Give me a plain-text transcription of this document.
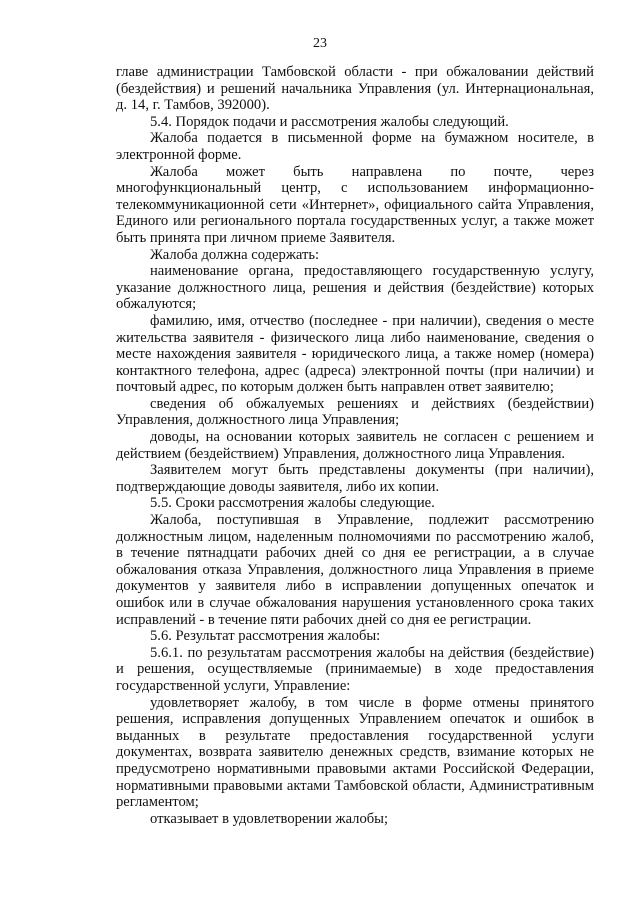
23

главе администрации Тамбовской области - при обжаловании действий (бездействия) и решений начальника Управления (ул. Интернациональная, д. 14, г. Тамбов, 392000).

5.4. Порядок подачи и рассмотрения жалобы следующий.

Жалоба подается в письменной форме на бумажном носителе, в электронной форме.

Жалоба может быть направлена по почте, через многофункциональный центр, с использованием информационно-телекоммуникационной сети «Интернет», официального сайта Управления, Единого или регионального портала государственных услуг, а также может быть принята при личном приеме Заявителя.

Жалоба должна содержать:

наименование органа, предоставляющего государственную услугу, указание должностного лица, решения и действия (бездействие) которых обжалуются;

фамилию, имя, отчество (последнее - при наличии), сведения о месте жительства заявителя - физического лица либо наименование, сведения о месте нахождения заявителя - юридического лица, а также номер (номера) контактного телефона, адрес (адреса) электронной почты (при наличии) и почтовый адрес, по которым должен быть направлен ответ заявителю;

сведения об обжалуемых решениях и действиях (бездействии) Управления, должностного лица Управления;

доводы, на основании которых заявитель не согласен с решением и действием (бездействием) Управления, должностного лица Управления.

Заявителем могут быть представлены документы (при наличии), подтверждающие доводы заявителя, либо их копии.

5.5. Сроки рассмотрения жалобы следующие.

Жалоба, поступившая в Управление, подлежит рассмотрению должностным лицом, наделенным полномочиями по рассмотрению жалоб, в течение пятнадцати рабочих дней со дня ее регистрации, а в случае обжалования отказа Управления, должностного лица Управления в приеме документов у заявителя либо в исправлении допущенных опечаток и ошибок или в случае обжалования нарушения установленного срока таких исправлений - в течение пяти рабочих дней со дня ее регистрации.

5.6. Результат рассмотрения жалобы:

5.6.1. по результатам рассмотрения жалобы на действия (бездействие) и решения, осуществляемые (принимаемые) в ходе предоставления государственной услуги, Управление:

удовлетворяет жалобу, в том числе в форме отмены принятого решения, исправления допущенных Управлением опечаток и ошибок в выданных в результате предоставления государственной услуги документах, возврата заявителю денежных средств, взимание которых не предусмотрено нормативными правовыми актами Российской Федерации, нормативными правовыми актами Тамбовской области, Административным регламентом;

отказывает в удовлетворении жалобы;
